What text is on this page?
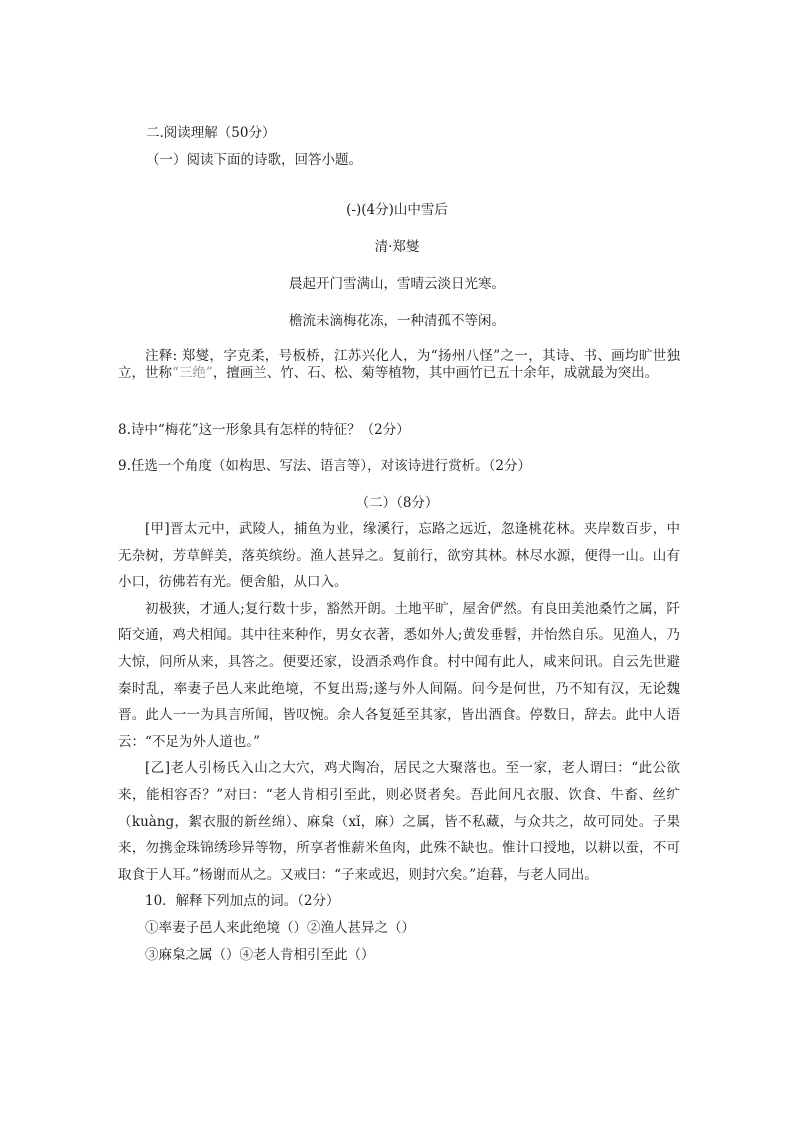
二.阅读理解（50分）
（一）阅读下面的诗歌，回答小题。
(-)(4分)山中雪后
清·郑燮
晨起开门雪满山，雪晴云淡日光寒。
檐流未滴梅花冻，一种清孤不等闲。
注释: 郑燮，字克柔，号板桥，江苏兴化人，为“扬州八怪”之一，其诗、书、画均旷世独立，世称“三绝”，擅画兰、竹、石、松、菊等植物，其中画竹已五十余年，成就最为突出。
8.诗中“梅花”这一形象具有怎样的特征？（2分）
9.任选一个角度（如构思、写法、语言等），对该诗进行赏析。（2分）
（二）（8分）

[甲]晋太元中，武陵人，捕鱼为业，缘溪行，忘路之远近，忽逢桃花林。夹岸数百步，中无杂树，芳草鲜美，落英缤纷。渔人甚异之。复前行，欲穷其林。林尽水源，便得一山。山有小口，彷佛若有光。便舍船，从口入。

初极狭，才通人;复行数十步，豁然开朗。土地平旷，屋舍俨然。有良田美池桑竹之属，阡陌交通，鸡犬相闻。其中往来种作，男女衣著，悉如外人;黄发垂髫，并怡然自乐。见渔人，乃大惊，问所从来，具答之。便要还家，设酒杀鸡作食。村中闻有此人，咸来问讯。自云先世避秦时乱，率妻子邑人来此绝境，不复出焉;遂与外人间隔。问今是何世，乃不知有汉，无论魏晋。此人一一为具言所闻，皆叹惋。余人各复延至其家，皆出酒食。停数日，辞去。此中人语云：“不足为外人道也。”

[乙]老人引杨氏入山之大穴，鸡犬陶冶，居民之大聚落也。至一家，老人谓曰：“此公欲来，能相容否？”对曰：“老人肯相引至此，则必贤者矣。吾此间凡衣服、饮食、牛畜、丝纩（kuàng，絮衣服的新丝绵）、麻枲（xǐ，麻）之属，皆不私藏，与众共之，故可同处。子果来，勿携金珠锦绣珍异等物，所享者惟薪米鱼肉，此殊不缺也。惟计口授地，以耕以蚕，不可取食于人耳。”杨谢而从之。又戒曰：“子来或迟，则封穴矣。”迨暮，与老人同出。

10．解释下列加点的词。（2分）

①率妻子邑人来此绝境（）②渔人甚异之（）

③麻枲之属（）④老人肯相引至此（）
